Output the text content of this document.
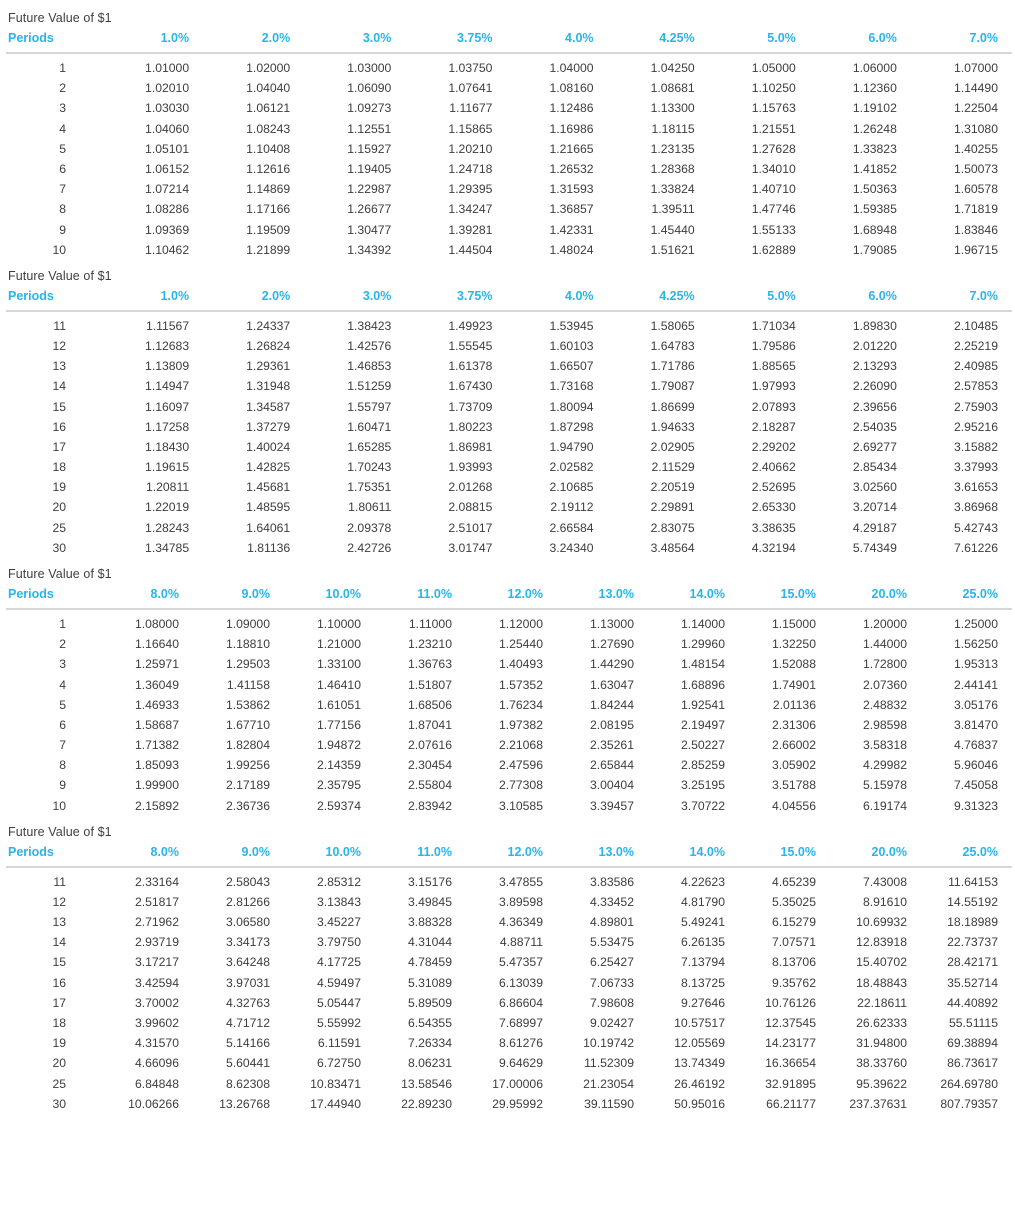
Future Value of $1
Periods	1.0%	2.0%	3.0%	3.75%	4.0%	4.25%	5.0%	6.0%	7.0%
1	1.01000	1.02000	1.03000	1.03750	1.04000	1.04250	1.05000	1.06000	1.07000
2	1.02010	1.04040	1.06090	1.07641	1.08160	1.08681	1.10250	1.12360	1.14490
3	1.03030	1.06121	1.09273	1.11677	1.12486	1.13300	1.15763	1.19102	1.22504
4	1.04060	1.08243	1.12551	1.15865	1.16986	1.18115	1.21551	1.26248	1.31080
5	1.05101	1.10408	1.15927	1.20210	1.21665	1.23135	1.27628	1.33823	1.40255
6	1.06152	1.12616	1.19405	1.24718	1.26532	1.28368	1.34010	1.41852	1.50073
7	1.07214	1.14869	1.22987	1.29395	1.31593	1.33824	1.40710	1.50363	1.60578
8	1.08286	1.17166	1.26677	1.34247	1.36857	1.39511	1.47746	1.59385	1.71819
9	1.09369	1.19509	1.30477	1.39281	1.42331	1.45440	1.55133	1.68948	1.83846
10	1.10462	1.21899	1.34392	1.44504	1.48024	1.51621	1.62889	1.79085	1.96715
Future Value of $1
Periods	1.0%	2.0%	3.0%	3.75%	4.0%	4.25%	5.0%	6.0%	7.0%
11	1.11567	1.24337	1.38423	1.49923	1.53945	1.58065	1.71034	1.89830	2.10485
12	1.12683	1.26824	1.42576	1.55545	1.60103	1.64783	1.79586	2.01220	2.25219
13	1.13809	1.29361	1.46853	1.61378	1.66507	1.71786	1.88565	2.13293	2.40985
14	1.14947	1.31948	1.51259	1.67430	1.73168	1.79087	1.97993	2.26090	2.57853
15	1.16097	1.34587	1.55797	1.73709	1.80094	1.86699	2.07893	2.39656	2.75903
16	1.17258	1.37279	1.60471	1.80223	1.87298	1.94633	2.18287	2.54035	2.95216
17	1.18430	1.40024	1.65285	1.86981	1.94790	2.02905	2.29202	2.69277	3.15882
18	1.19615	1.42825	1.70243	1.93993	2.02582	2.11529	2.40662	2.85434	3.37993
19	1.20811	1.45681	1.75351	2.01268	2.10685	2.20519	2.52695	3.02560	3.61653
20	1.22019	1.48595	1.80611	2.08815	2.19112	2.29891	2.65330	3.20714	3.86968
25	1.28243	1.64061	2.09378	2.51017	2.66584	2.83075	3.38635	4.29187	5.42743
30	1.34785	1.81136	2.42726	3.01747	3.24340	3.48564	4.32194	5.74349	7.61226
Future Value of $1
Periods	8.0%	9.0%	10.0%	11.0%	12.0%	13.0%	14.0%	15.0%	20.0%	25.0%
1	1.08000	1.09000	1.10000	1.11000	1.12000	1.13000	1.14000	1.15000	1.20000	1.25000
2	1.16640	1.18810	1.21000	1.23210	1.25440	1.27690	1.29960	1.32250	1.44000	1.56250
3	1.25971	1.29503	1.33100	1.36763	1.40493	1.44290	1.48154	1.52088	1.72800	1.95313
4	1.36049	1.41158	1.46410	1.51807	1.57352	1.63047	1.68896	1.74901	2.07360	2.44141
5	1.46933	1.53862	1.61051	1.68506	1.76234	1.84244	1.92541	2.01136	2.48832	3.05176
6	1.58687	1.67710	1.77156	1.87041	1.97382	2.08195	2.19497	2.31306	2.98598	3.81470
7	1.71382	1.82804	1.94872	2.07616	2.21068	2.35261	2.50227	2.66002	3.58318	4.76837
8	1.85093	1.99256	2.14359	2.30454	2.47596	2.65844	2.85259	3.05902	4.29982	5.96046
9	1.99900	2.17189	2.35795	2.55804	2.77308	3.00404	3.25195	3.51788	5.15978	7.45058
10	2.15892	2.36736	2.59374	2.83942	3.10585	3.39457	3.70722	4.04556	6.19174	9.31323
Future Value of $1
Periods	8.0%	9.0%	10.0%	11.0%	12.0%	13.0%	14.0%	15.0%	20.0%	25.0%
11	2.33164	2.58043	2.85312	3.15176	3.47855	3.83586	4.22623	4.65239	7.43008	11.64153
12	2.51817	2.81266	3.13843	3.49845	3.89598	4.33452	4.81790	5.35025	8.91610	14.55192
13	2.71962	3.06580	3.45227	3.88328	4.36349	4.89801	5.49241	6.15279	10.69932	18.18989
14	2.93719	3.34173	3.79750	4.31044	4.88711	5.53475	6.26135	7.07571	12.83918	22.73737
15	3.17217	3.64248	4.17725	4.78459	5.47357	6.25427	7.13794	8.13706	15.40702	28.42171
16	3.42594	3.97031	4.59497	5.31089	6.13039	7.06733	8.13725	9.35762	18.48843	35.52714
17	3.70002	4.32763	5.05447	5.89509	6.86604	7.98608	9.27646	10.76126	22.18611	44.40892
18	3.99602	4.71712	5.55992	6.54355	7.68997	9.02427	10.57517	12.37545	26.62333	55.51115
19	4.31570	5.14166	6.11591	7.26334	8.61276	10.19742	12.05569	14.23177	31.94800	69.38894
20	4.66096	5.60441	6.72750	8.06231	9.64629	11.52309	13.74349	16.36654	38.33760	86.73617
25	6.84848	8.62308	10.83471	13.58546	17.00006	21.23054	26.46192	32.91895	95.39622	264.69780
30	10.06266	13.26768	17.44940	22.89230	29.95992	39.11590	50.95016	66.21177	237.37631	807.79357
